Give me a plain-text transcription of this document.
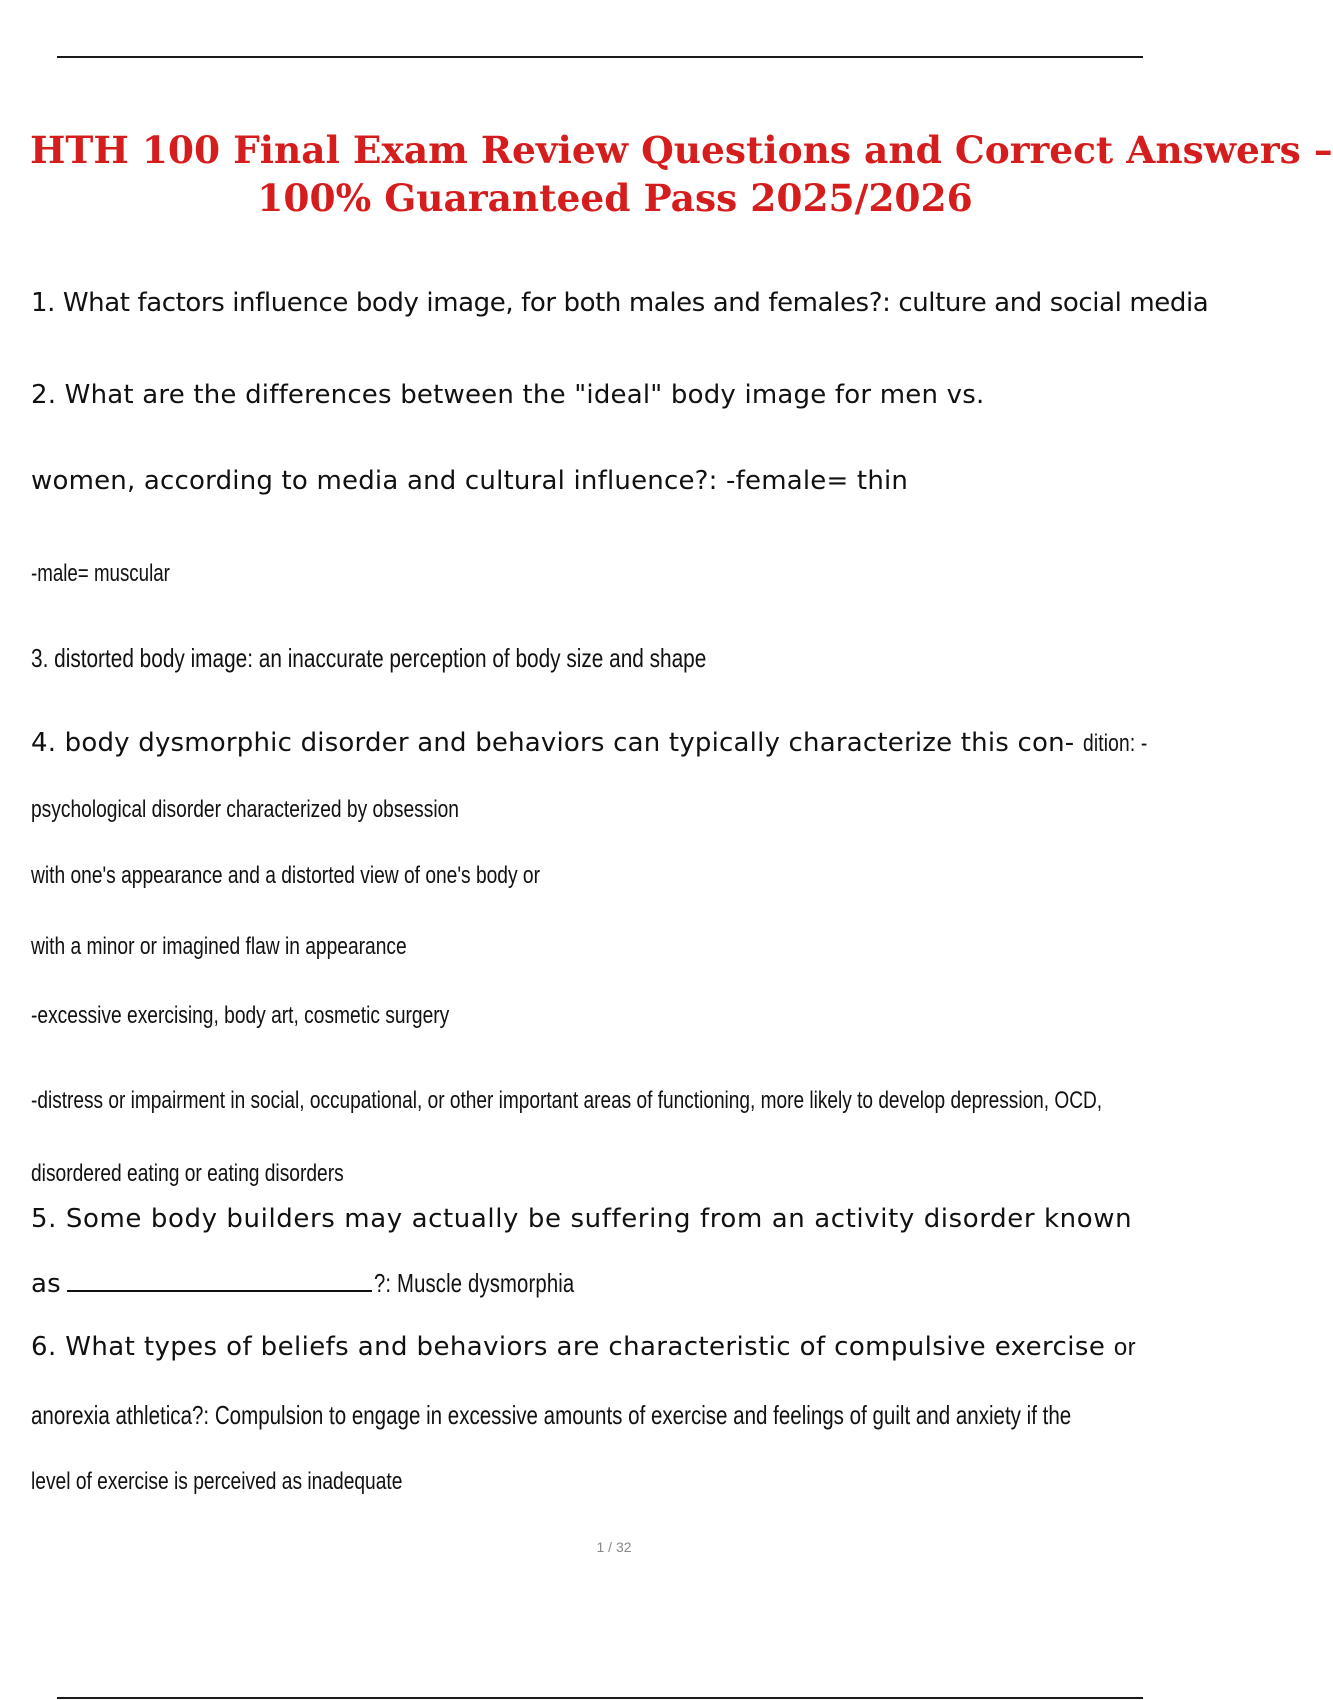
HTH 100 Final Exam Review Questions and Correct Answers –
100% Guaranteed Pass 2025/2026
1. What factors influence body image, for both males and females?: culture and social media
2. What are the differences between the "ideal" body image for men vs.
women, according to media and cultural influence?: -female= thin
-male= muscular
3. distorted body image: an inaccurate perception of body size and shape
4. body dysmorphic disorder and behaviors can typically characterize this con- dition: -
psychological disorder characterized by obsession
with one's appearance and a distorted view of one's body or
with a minor or imagined flaw in appearance
-excessive exercising, body art, cosmetic surgery
-distress or impairment in social, occupational, or other important areas of functioning, more likely to develop depression, OCD,
disordered eating or eating disorders
5. Some body builders may actually be suffering from an activity disorder known
as	?: Muscle dysmorphia
6. What types of beliefs and behaviors are characteristic of compulsive exercise or
anorexia athletica?: Compulsion to engage in excessive amounts of exercise and feelings of guilt and anxiety if the
level of exercise is perceived as inadequate
1 / 32
